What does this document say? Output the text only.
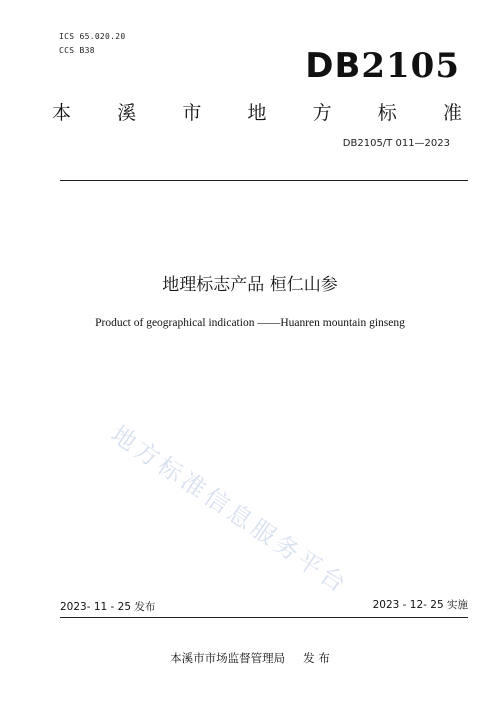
ICS 65.020.20
CCS B38	DB2105
本 溪 市 地 方 标 准
DB2105/T 011—2023
地理标志产品 桓仁山参
Product of geographical indication ——Huanren mountain ginseng
地方标准信息服务平台
2023- 11 - 25 发布	2023 - 12- 25 实施
本溪市市场监督管理局 发 布
